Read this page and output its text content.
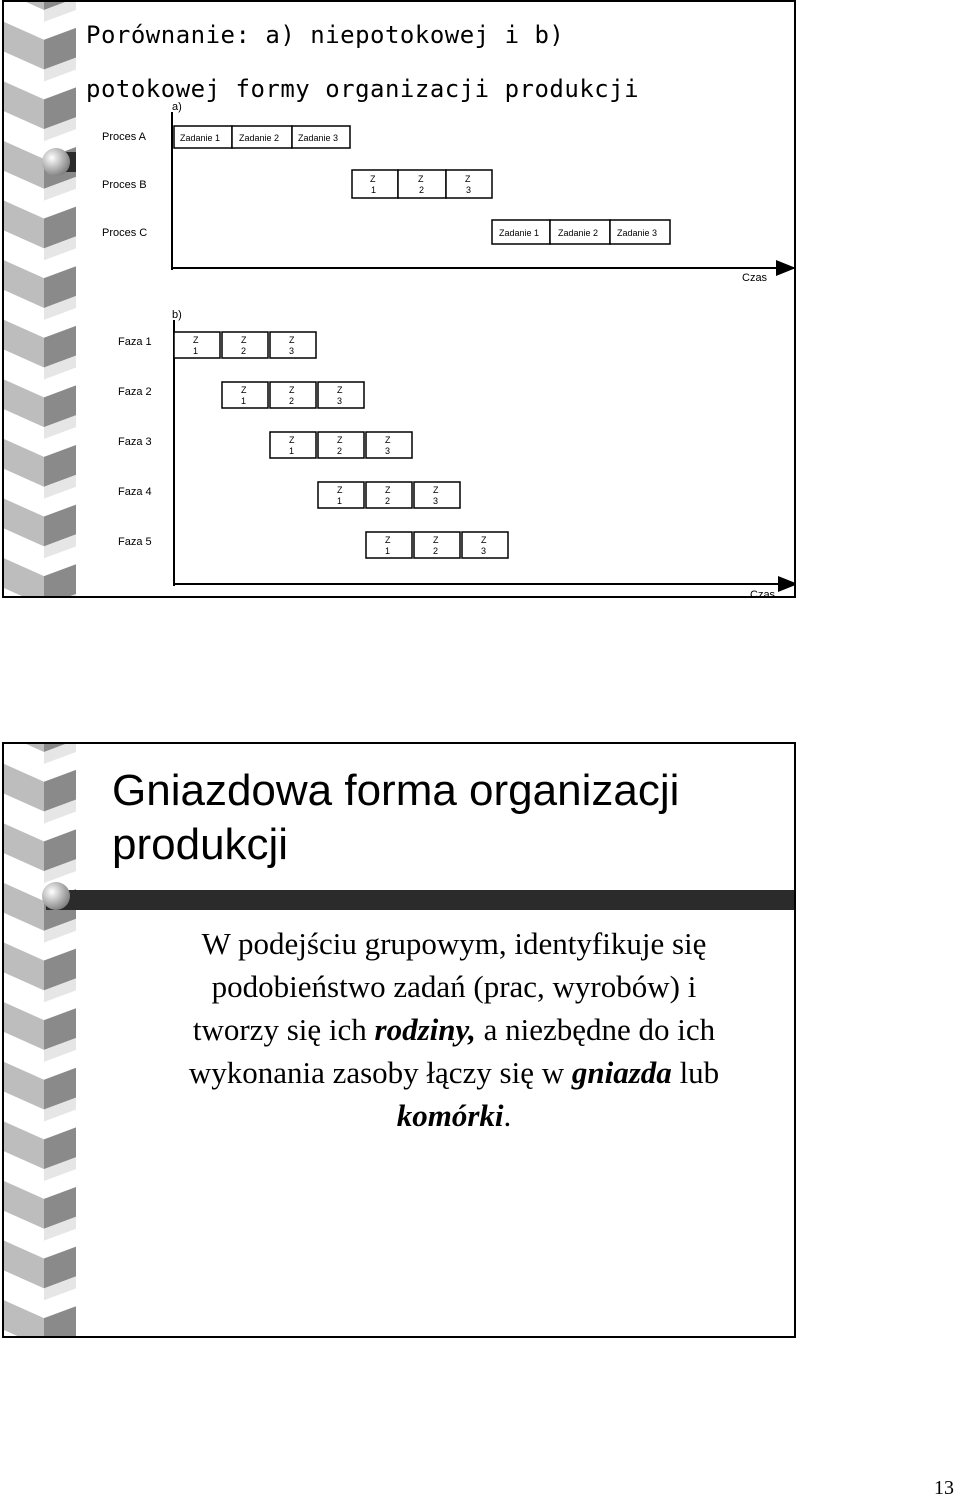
Porównanie: a) niepotokowej i b)
potokowej formy organizacji produkcji
a)
Czas
Proces A	Zadanie 1 Zadanie 2 Zadanie 3
Proces B	Z
1
Z
2
Z
3
Proces C	Zadanie 1 Zadanie 2 Zadanie 3
b)
Czas
Faza 1	Z
1
Z
2
Z
3
Faza 2	Z
1
Z
2
Z
3
Faza 3	Z
1
Z
2
Z
3
Faza 4	Z
1
Z
2
Z
3
Faza 5	Z
1
Z
2
Z
3
Gniazdowa forma organizacji
produkcji
W podejściu grupowym, identyfikuje się
podobieństwo zadań (prac, wyrobów) i
tworzy się ich rodziny, a niezbędne do ich
wykonania zasoby łączy się w gniazda lub
komórki.
13
